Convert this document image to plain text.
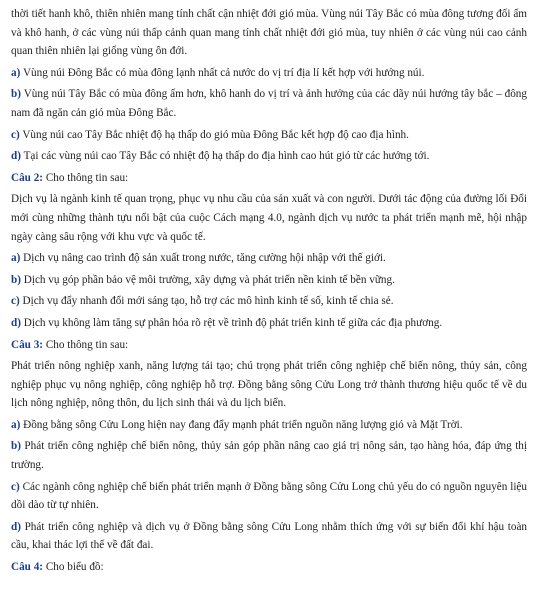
thời tiết hanh khô, thiên nhiên mang tính chất cận nhiệt đới gió mùa. Vùng núi Tây Bắc có mùa đông tương đối ấm và khô hanh, ở các vùng núi thấp cảnh quan mang tính chất nhiệt đới gió mùa, tuy nhiên ở các vùng núi cao cảnh quan thiên nhiên lại giống vùng ôn đới.

a) Vùng núi Đông Bắc có mùa đông lạnh nhất cả nước do vị trí địa lí kết hợp với hướng núi.

b) Vùng núi Tây Bắc có mùa đông ấm hơn, khô hanh do vị trí và ảnh hưởng của các dãy núi hướng tây bắc – đông nam đã ngăn cản gió mùa Đông Bắc.

c) Vùng núi cao Tây Bắc nhiệt độ hạ thấp do gió mùa Đông Bắc kết hợp độ cao địa hình.

d) Tại các vùng núi cao Tây Bắc có nhiệt độ hạ thấp do địa hình cao hút gió từ các hướng tới.

Câu 2: Cho thông tin sau:

Dịch vụ là ngành kinh tế quan trọng, phục vụ nhu cầu của sản xuất và con người. Dưới tác động của đường lối Đổi mới cùng những thành tựu nổi bật của cuộc Cách mạng 4.0, ngành dịch vụ nước ta phát triển mạnh mẽ, hội nhập ngày càng sâu rộng với khu vực và quốc tế.

a) Dịch vụ nâng cao trình độ sản xuất trong nước, tăng cường hội nhập với thế giới.

b) Dịch vụ góp phần bảo vệ môi trường, xây dựng và phát triển nền kinh tế bền vững.

c) Dịch vụ đẩy nhanh đổi mới sáng tạo, hỗ trợ các mô hình kinh tế số, kinh tế chia sẻ.

d) Dịch vụ không làm tăng sự phân hóa rõ rệt về trình độ phát triển kinh tế giữa các địa phương.

Câu 3: Cho thông tin sau:

Phát triển nông nghiệp xanh, năng lượng tái tạo; chú trọng phát triển công nghiệp chế biến nông, thủy sản, công nghiệp phục vụ nông nghiệp, công nghiệp hỗ trợ. Đồng bằng sông Cửu Long trở thành thương hiệu quốc tế về du lịch nông nghiệp, nông thôn, du lịch sinh thái và du lịch biển.

a) Đồng bằng sông Cửu Long hiện nay đang đẩy mạnh phát triển nguồn năng lượng gió và Mặt Trời.

b) Phát triển công nghiệp chế biến nông, thủy sản góp phần nâng cao giá trị nông sản, tạo hàng hóa, đáp ứng thị trường.

c) Các ngành công nghiệp chế biến phát triển mạnh ở Đồng bằng sông Cửu Long chủ yếu do có nguồn nguyên liệu dồi dào từ tự nhiên.

d) Phát triển công nghiệp và dịch vụ ở Đồng bằng sông Cửu Long nhằm thích ứng với sự biến đổi khí hậu toàn cầu, khai thác lợi thế về đất đai.

Câu 4: Cho biểu đồ:
